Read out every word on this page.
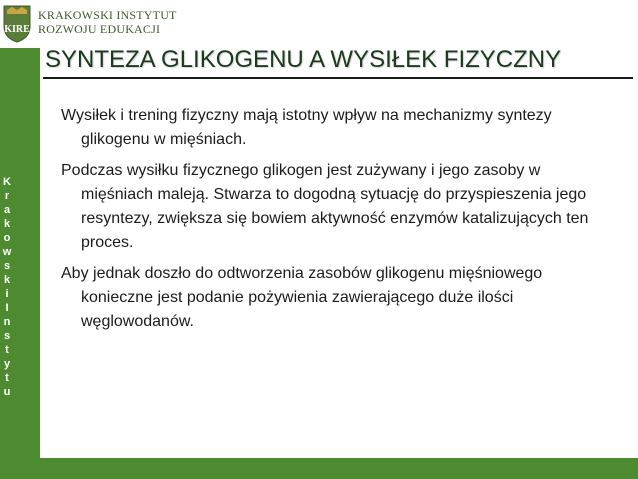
KIRE
KRAKOWSKI INSTYTUT
ROZWOJU EDUKACJI
K
r
a
k
o
w
s
k
i
I
n
s
t
y
t
u
SYNTEZA GLIKOGENU A WYSIŁEK FIZYCZNY

Wysiłek i trening fizyczny mają istotny wpływ na mechanizmy syntezy glikogenu w mięśniach.

Podczas wysiłku fizycznego glikogen jest zużywany i jego zasoby w mięśniach maleją. Stwarza to dogodną sytuację do przyspieszenia jego resyntezy, zwiększa się bowiem aktywność enzymów katalizujących ten proces.

Aby jednak doszło do odtworzenia zasobów glikogenu mięśniowego konieczne jest podanie pożywienia zawierającego duże ilości węglowodanów.
